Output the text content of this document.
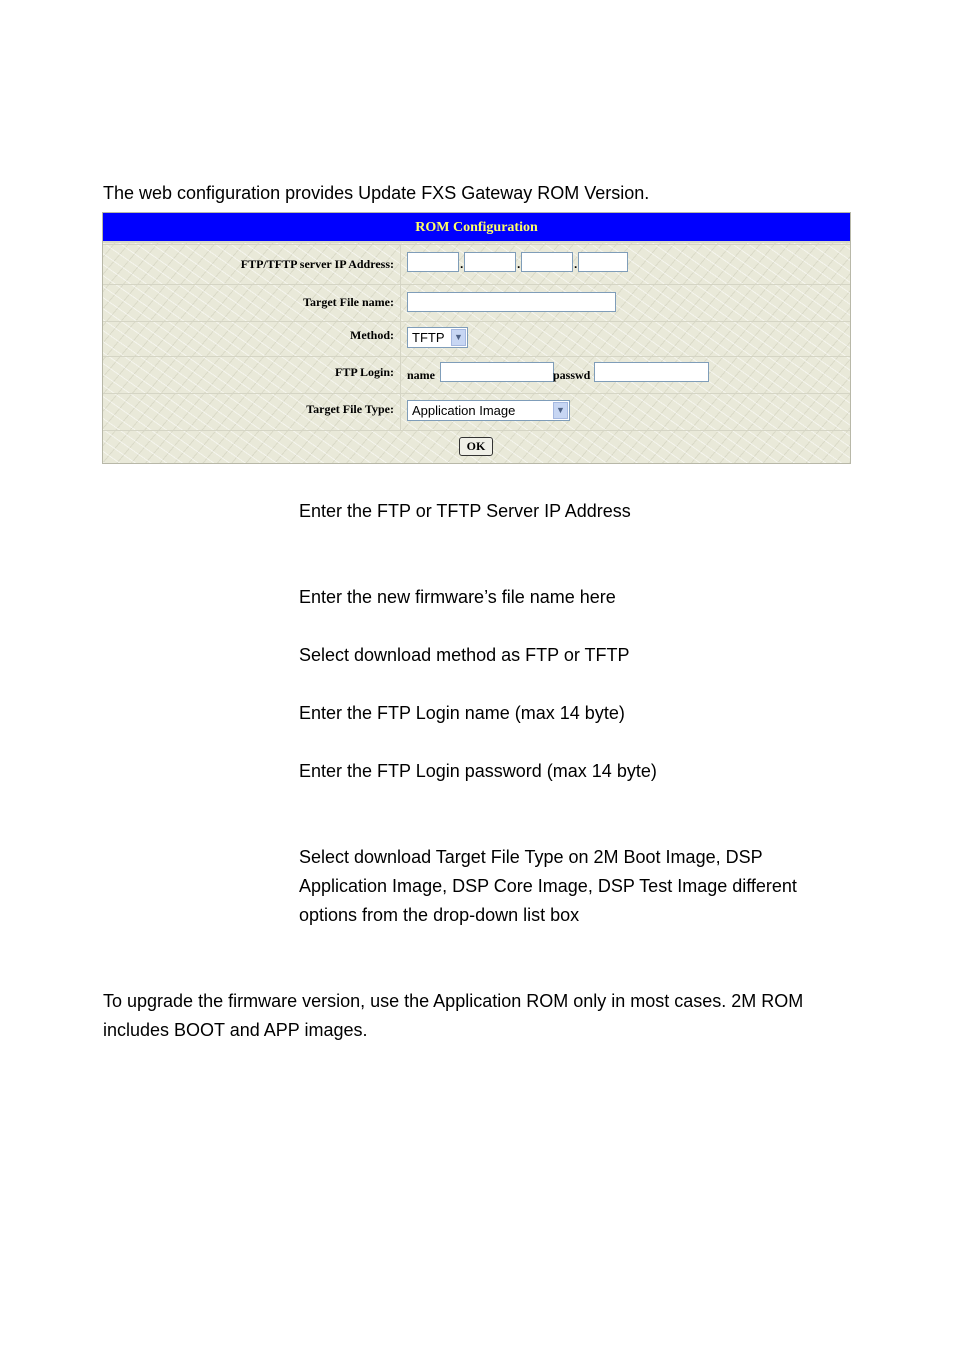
The web configuration provides Update FXS Gateway ROM Version.
ROM Configuration
FTP/TFTP server IP Address:	.	.	.
Target File name:
Method:	TFTP	▼
FTP Login:	name	passwd
Target File Type:	Application Image	▼
OK
Enter the FTP or TFTP Server IP Address
Enter the new firmware’s file name here
Select download method as FTP or TFTP
Enter the FTP Login name (max 14 byte)
Enter the FTP Login password (max 14 byte)
Select download Target File Type on 2M Boot Image, DSP Application Image, DSP Core Image, DSP Test Image different options from the drop-down list box
To upgrade the firmware version, use the Application ROM only in most cases. 2M ROM includes BOOT and APP images.
